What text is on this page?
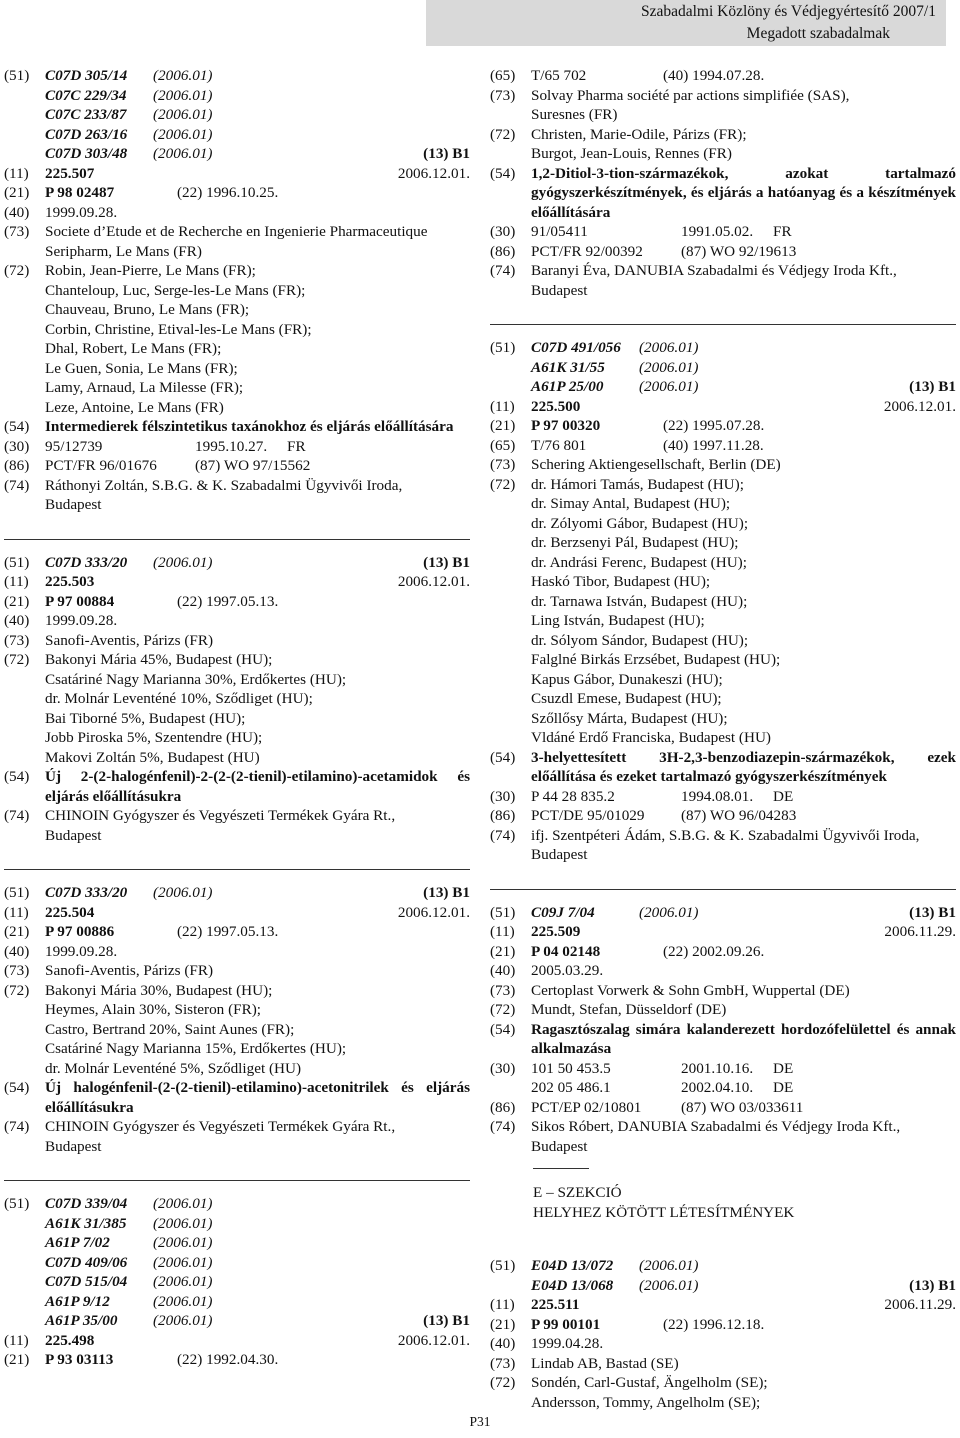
Szabadalmi Közlöny és Védjegyértesítő 2007/1
Megadott szabadalmak
(51)	C07D 305/14 (2006.01)
C07C 229/34 (2006.01)
C07C 233/87 (2006.01)
C07D 263/16 (2006.01)
C07D 303/48 (2006.01)	(13) B1
(11)	225.507	2006.12.01.
(21)	P 98 02487	(22) 1996.10.25.
(40)	1999.09.28.
(73)	Societe d’Etude et de Recherche en Ingenierie Pharmaceutique
Seripharm, Le Mans (FR)
(72)	Robin, Jean-Pierre, Le Mans (FR);
Chanteloup, Luc, Serge-les-Le Mans (FR);
Chauveau, Bruno, Le Mans (FR);
Corbin, Christine, Etival-les-Le Mans (FR);
Dhal, Robert, Le Mans (FR);
Le Guen, Sonia, Le Mans (FR);
Lamy, Arnaud, La Milesse (FR);
Leze, Antoine, Le Mans (FR)
(54)	Intermedierek félszintetikus taxánokhoz és eljárás előállítására
(30)	95/12739	1995.10.27. FR
(86)	PCT/FR 96/01676	(87) WO 97/15562
(74)	Ráthonyi Zoltán, S.B.G. & K. Szabadalmi Ügyvivői Iroda,
Budapest
(51)	C07D 333/20 (2006.01)	(13) B1
(11)	225.503	2006.12.01.
(21)	P 97 00884	(22) 1997.05.13.
(40)	1999.09.28.
(73)	Sanofi-Aventis, Párizs (FR)
(72)	Bakonyi Mária 45%, Budapest (HU);
Csatáriné Nagy Marianna 30%, Erdőkertes (HU);
dr. Molnár Leventéné 10%, Sződliget (HU);
Bai Tiborné 5%, Budapest (HU);
Jobb Piroska 5%, Szentendre (HU);
Makovi Zoltán 5%, Budapest (HU)
(54)	Új 2-(2-halogénfenil)-2-(2-(2-tienil)-etilamino)-acetamidok és eljárás előállításukra
(74)	CHINOIN Gyógyszer és Vegyészeti Termékek Gyára Rt.,
Budapest
(51)	C07D 333/20 (2006.01)	(13) B1
(11)	225.504	2006.12.01.
(21)	P 97 00886	(22) 1997.05.13.
(40)	1999.09.28.
(73)	Sanofi-Aventis, Párizs (FR)
(72)	Bakonyi Mária 30%, Budapest (HU);
Heymes, Alain 30%, Sisteron (FR);
Castro, Bertrand 20%, Saint Aunes (FR);
Csatáriné Nagy Marianna 15%, Erdőkertes (HU);
dr. Molnár Leventéné 5%, Sződliget (HU)
(54)	Új halogénfenil-(2-(2-tienil)-etilamino)-acetonitrilek és eljárás előállításukra
(74)	CHINOIN Gyógyszer és Vegyészeti Termékek Gyára Rt.,
Budapest
(51)	C07D 339/04 (2006.01)
A61K 31/385 (2006.01)
A61P 7/02	(2006.01)
C07D 409/06 (2006.01)
C07D 515/04 (2006.01)
A61P 9/12	(2006.01)
A61P 35/00 (2006.01)	(13) B1
(11)	225.498	2006.12.01.
(21)	P 93 03113	(22) 1992.04.30.
(65)	T/65 702	(40) 1994.07.28.
(73)	Solvay Pharma société par actions simplifiée (SAS),
Suresnes (FR)
(72)	Christen, Marie-Odile, Párizs (FR);
Burgot, Jean-Louis, Rennes (FR)
(54)	1,2-Ditiol-3-tion-származékok, azokat tartalmazó gyógyszerkészítmények, és eljárás a hatóanyag és a készítmények előállítására
(30)	91/05411	1991.05.02. FR
(86)	PCT/FR 92/00392	(87) WO 92/19613
(74)	Baranyi Éva, DANUBIA Szabadalmi és Védjegy Iroda Kft.,
Budapest
(51)	C07D 491/056 (2006.01)
A61K 31/55 (2006.01)
A61P 25/00 (2006.01)	(13) B1
(11)	225.500	2006.12.01.
(21)	P 97 00320	(22) 1995.07.28.
(65)	T/76 801	(40) 1997.11.28.
(73)	Schering Aktiengesellschaft, Berlin (DE)
(72)	dr. Hámori Tamás, Budapest (HU);
dr. Simay Antal, Budapest (HU);
dr. Zólyomi Gábor, Budapest (HU);
dr. Berzsenyi Pál, Budapest (HU);
dr. Andrási Ferenc, Budapest (HU);
Haskó Tibor, Budapest (HU);
dr. Tarnawa István, Budapest (HU);
Ling István, Budapest (HU);
dr. Sólyom Sándor, Budapest (HU);
Falglné Birkás Erzsébet, Budapest (HU);
Kapus Gábor, Dunakeszi (HU);
Csuzdl Emese, Budapest (HU);
Szőllősy Márta, Budapest (HU);
Vldáné Erdő Franciska, Budapest (HU)
(54)	3-helyettesített 3H-2,3-benzodiazepin-származékok, ezek előállítása és ezeket tartalmazó gyógyszerkészítmények
(30)	P 44 28 835.2	1994.08.01. DE
(86)	PCT/DE 95/01029 (87) WO 96/04283
(74)	ifj. Szentpéteri Ádám, S.B.G. & K. Szabadalmi Ügyvivői Iroda,
Budapest
(51)	C09J 7/04	(2006.01)	(13) B1
(11)	225.509	2006.11.29.
(21)	P 04 02148	(22) 2002.09.26.
(40)	2005.03.29.
(73)	Certoplast Vorwerk & Sohn GmbH, Wuppertal (DE)
(72)	Mundt, Stefan, Düsseldorf (DE)
(54)	Ragasztószalag simára kalanderezett hordozófelülettel és annak alkalmazása
(30)	101 50 453.5	2001.10.16. DE
202 05 486.1	2002.04.10. DE
(86)	PCT/EP 02/10801	(87) WO 03/033611
(74)	Sikos Róbert, DANUBIA Szabadalmi és Védjegy Iroda Kft.,
Budapest
E – SZEKCIÓ
HELYHEZ KÖTÖTT LÉTESÍTMÉNYEK
(51)	E04D 13/072 (2006.01)
E04D 13/068 (2006.01)	(13) B1
(11)	225.511	2006.11.29.
(21)	P 99 00101	(22) 1996.12.18.
(40)	1999.04.28.
(73)	Lindab AB, Bastad (SE)
(72)	Sondén, Carl-Gustaf, Ängelholm (SE);
Andersson, Tommy, Angelholm (SE);
P31
